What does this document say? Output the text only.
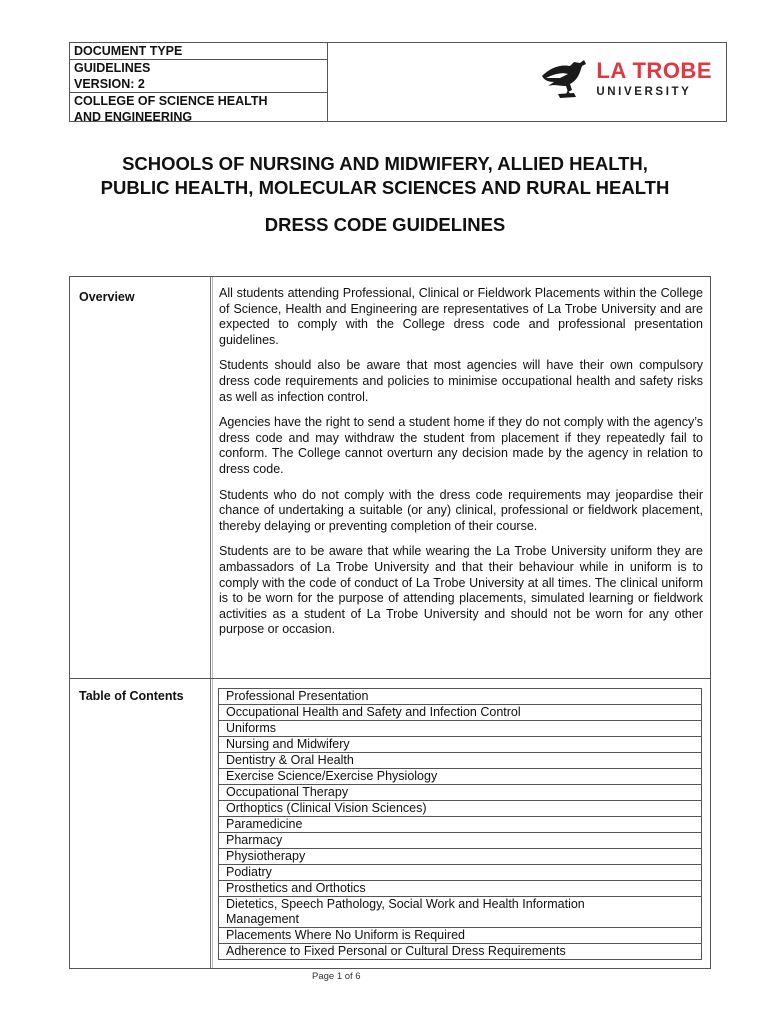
DOCUMENT TYPE
GUIDELINES
VERSION: 2
COLLEGE OF SCIENCE HEALTH
AND ENGINEERING
LA TROBE
UNIVERSITY
SCHOOLS OF NURSING AND MIDWIFERY, ALLIED HEALTH,
PUBLIC HEALTH, MOLECULAR SCIENCES AND RURAL HEALTH
DRESS CODE GUIDELINES
Overview	All students attending Professional, Clinical or Fieldwork Placements within the College of Science, Health and Engineering are representatives of La Trobe University and are expected to comply with the College dress code and professional presentation guidelines.

Students should also be aware that most agencies will have their own compulsory dress code requirements and policies to minimise occupational health and safety risks as well as infection control.

Agencies have the right to send a student home if they do not comply with the agency’s dress code and may withdraw the student from placement if they repeatedly fail to conform. The College cannot overturn any decision made by the agency in relation to dress code.

Students who do not comply with the dress code requirements may jeopardise their chance of undertaking a suitable (or any) clinical, professional or fieldwork placement, thereby delaying or preventing completion of their course.

Students are to be aware that while wearing the La Trobe University uniform they are ambassadors of La Trobe University and that their behaviour while in uniform is to comply with the code of conduct of La Trobe University at all times. The clinical uniform is to be worn for the purpose of attending placements, simulated learning or fieldwork activities as a student of La Trobe University and should not be worn for any other purpose or occasion.

Table of Contents	Professional Presentation
Occupational Health and Safety and Infection Control
Uniforms
Nursing and Midwifery
Dentistry & Oral Health
Exercise Science/Exercise Physiology
Occupational Therapy
Orthoptics (Clinical Vision Sciences)
Paramedicine
Pharmacy
Physiotherapy
Podiatry
Prosthetics and Orthotics
Dietetics, Speech Pathology, Social Work and Health Information Management
Placements Where No Uniform is Required
Adherence to Fixed Personal or Cultural Dress Requirements
Page 1 of 6
